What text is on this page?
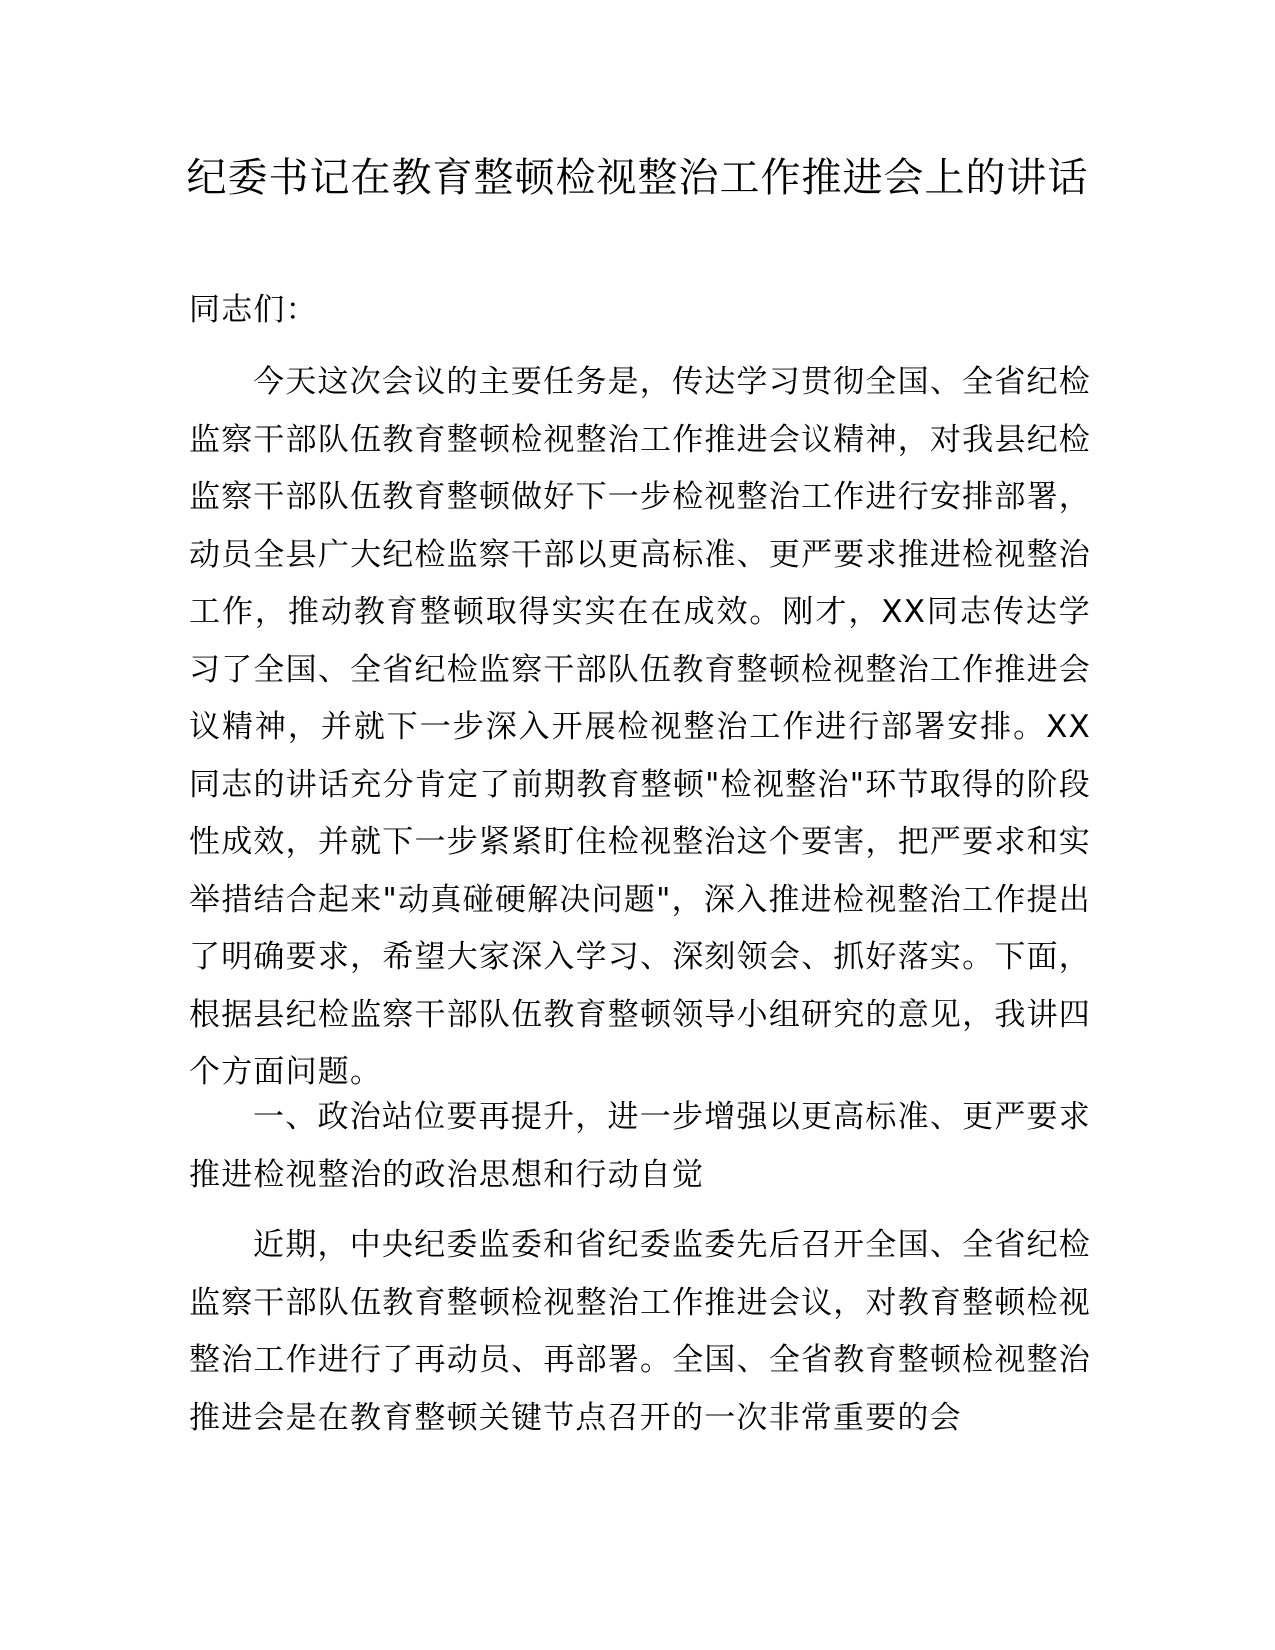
纪委书记在教育整顿检视整治工作推进会上的讲话

同志们：

今天这次会议的主要任务是，传达学习贯彻全国、全省纪检监察干部队伍教育整顿检视整治工作推进会议精神，对我县纪检监察干部队伍教育整顿做好下一步检视整治工作进行安排部署，动员全县广大纪检监察干部以更高标准、更严要求推进检视整治工作，推动教育整顿取得实实在在成效。刚才，XX同志传达学习了全国、全省纪检监察干部队伍教育整顿检视整治工作推进会议精神，并就下一步深入开展检视整治工作进行部署安排。XX 同志的讲话充分肯定了前期教育整顿"检视整治"环节取得的阶段性成效，并就下一步紧紧盯住检视整治这个要害，把严要求和实举措结合起来"动真碰硬解决问题"，深入推进检视整治工作提出了明确要求，希望大家深入学习、深刻领会、抓好落实。下面，根据县纪检监察干部队伍教育整顿领导小组研究的意见，我讲四个方面问题。

一、政治站位要再提升，进一步增强以更高标准、更严要求推进检视整治的政治思想和行动自觉

近期，中央纪委监委和省纪委监委先后召开全国、全省纪检监察干部队伍教育整顿检视整治工作推进会议，对教育整顿检视整治工作进行了再动员、再部署。全国、全省教育整顿检视整治推进会是在教育整顿关键节点召开的一次非常重要的会
